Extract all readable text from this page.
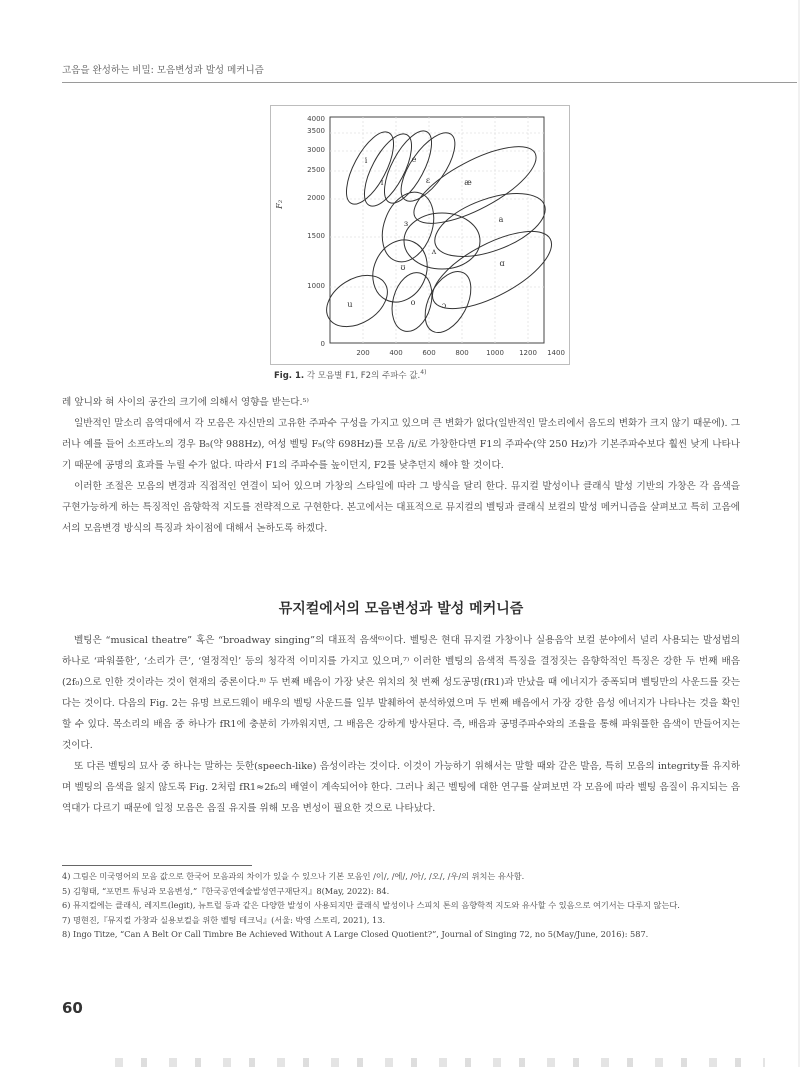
고음을 완성하는 비밀: 모음변성과 발성 메커니즘
i
ɪ
e
ɛ	æ
ɜ	a
ʌ
ɑ
ʊ
u	o	ɔ
4000
3500
3000
2500
2000
1500
1000
0
F₂
200	400	600	800 1000 1200 1400
Fig. 1. 각 모음별 F1, F2의 주파수 값.$^{4)}$

레 앞니와 혀 사이의 공간의 크기에 의해서 영향을 받는다.⁵⁾

일반적인 말소리 음역대에서 각 모음은 자신만의 고유한 주파수 구성을 가지고 있으며 큰 변화가 없다(일반적인 말소리에서 음도의 변화가 크지 않기 때문에). 그러나 예를 들어 소프라노의 경우 B₅(약 988Hz), 여성 벨팅 F₅(약 698Hz)를 모음 /i/로 가창한다면 F1의 주파수(약 250 Hz)가 기본주파수보다 훨씬 낮게 나타나기 때문에 공명의 효과를 누릴 수가 없다. 따라서 F1의 주파수를 높이던지, F2를 낮추던지 해야 할 것이다.

이러한 조절은 모음의 변경과 직접적인 연결이 되어 있으며 가창의 스타일에 따라 그 방식을 달리 한다. 뮤지컬 발성이나 클래식 발성 기반의 가창은 각 음색을 구현가능하게 하는 특징적인 음향학적 지도를 전략적으로 구현한다. 본고에서는 대표적으로 뮤지컬의 벨팅과 클래식 보컬의 발성 메커니즘을 살펴보고 특히 고음에서의 모음변경 방식의 특징과 차이점에 대해서 논하도록 하겠다.

뮤지컬에서의 모음변성과 발성 메커니즘

벨팅은 “musical theatre” 혹은 “broadway singing”의 대표적 음색⁶⁾이다. 벨팅은 현대 뮤지컬 가창이나 실용음악 보컬 분야에서 널리 사용되는 발성법의 하나로 ‘파워풀한’, ‘소리가 큰’, ‘열정적인’ 등의 청각적 이미지를 가지고 있으며,⁷⁾ 이러한 벨팅의 음색적 특징을 결정짓는 음향학적인 특징은 강한 두 번째 배음(2f₀)으로 인한 것이라는 것이 현재의 중론이다.⁸⁾ 두 번째 배음이 가장 낮은 위치의 첫 번째 성도공명(fR1)과 만났을 때 에너지가 중폭되며 벨팅만의 사운드를 갖는다는 것이다. 다음의 Fig. 2는 유명 브로드웨이 배우의 벨팅 사운드를 일부 발췌하여 분석하였으며 두 번째 배음에서 가장 강한 음성 에너지가 나타나는 것을 확인할 수 있다. 목소리의 배음 중 하나가 fR1에 충분히 가까워지면, 그 배음은 강하게 방사된다. 즉, 배음과 공명주파수와의 조율을 통해 파워풀한 음색이 만들어지는 것이다.

또 다른 벨팅의 묘사 중 하나는 말하는 듯한(speech-like) 음성이라는 것이다. 이것이 가능하기 위해서는 말할 때와 같은 발음, 특히 모음의 integrity를 유지하며 벨팅의 음색을 잃지 않도록 Fig. 2처럼 fR1≈2f₀의 배열이 계속되어야 한다. 그러나 최근 벨팅에 대한 연구를 살펴보면 각 모음에 따라 벨팅 음질이 유지되는 음역대가 다르기 때문에 일정 모음은 음질 유지를 위해 모음 변성이 필요한 것으로 나타났다.

4) 그림은 미국영어의 모음 값으로 한국어 모음과의 차이가 있을 수 있으나 기본 모음인 /이/, /에/, /아/, /오/, /우/의 위치는 유사함.
5) 김형태, “포먼트 튜닝과 모음변성,”『한국공연예술발성연구재단지』8(May, 2022): 84.
6) 뮤지컬에는 클래식, 레지트(legit), 뉴트럴 등과 같은 다양한 발성이 사용되지만 클래식 발성이나 스피치 톤의 음향학적 지도와 유사할 수 있음으로 여기서는 다루지 않는다.
7) 명현진,『뮤지컬 가창과 실용보컬을 위한 벨팅 테크닉』(서울: 박영 스토리, 2021), 13.
8) Ingo Titze, “Can A Belt Or Call Timbre Be Achieved Without A Large Closed Quotient?”, Journal of Singing 72, no 5(May/June, 2016): 587.
60
